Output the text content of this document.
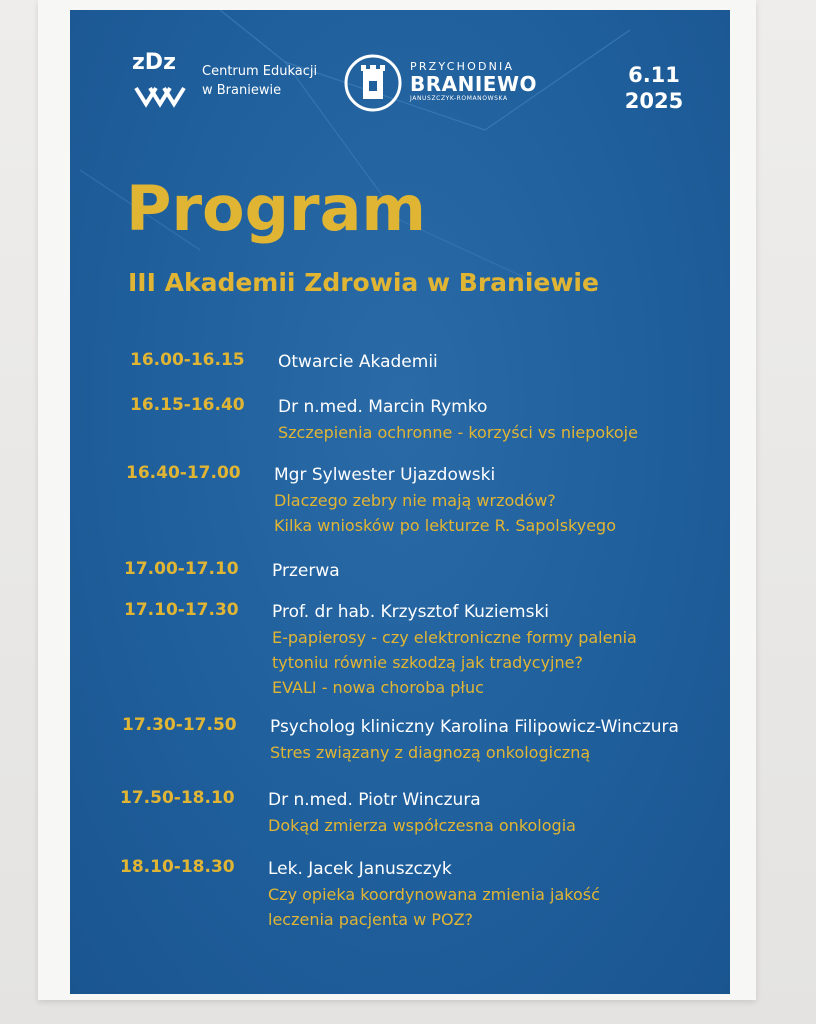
zDz Centrum Edukacji
w Braniewie
PRZYCHODNIA
BRANIEWO
JANUSZCZYK-ROMANOWSKA
6.11
2025
Program
III Akademii Zdrowia w Braniewie
16.00-16.15 Otwarcie Akademii
16.15-16.40 Dr n.med. Marcin Rymko
Szczepienia ochronne - korzyści vs niepokoje
16.40-17.00 Mgr Sylwester Ujazdowski
Dlaczego zebry nie mają wrzodów?
Kilka wniosków po lekturze R. Sapolskyego
17.00-17.10 Przerwa
17.10-17.30 Prof. dr hab. Krzysztof Kuziemski
E-papierosy - czy elektroniczne formy palenia
tytoniu równie szkodzą jak tradycyjne?
EVALI - nowa choroba płuc
17.30-17.50 Psycholog kliniczny Karolina Filipowicz-Winczura
Stres związany z diagnozą onkologiczną
17.50-18.10 Dr n.med. Piotr Winczura
Dokąd zmierza współczesna onkologia
18.10-18.30 Lek. Jacek Januszczyk
Czy opieka koordynowana zmienia jakość
leczenia pacjenta w POZ?
